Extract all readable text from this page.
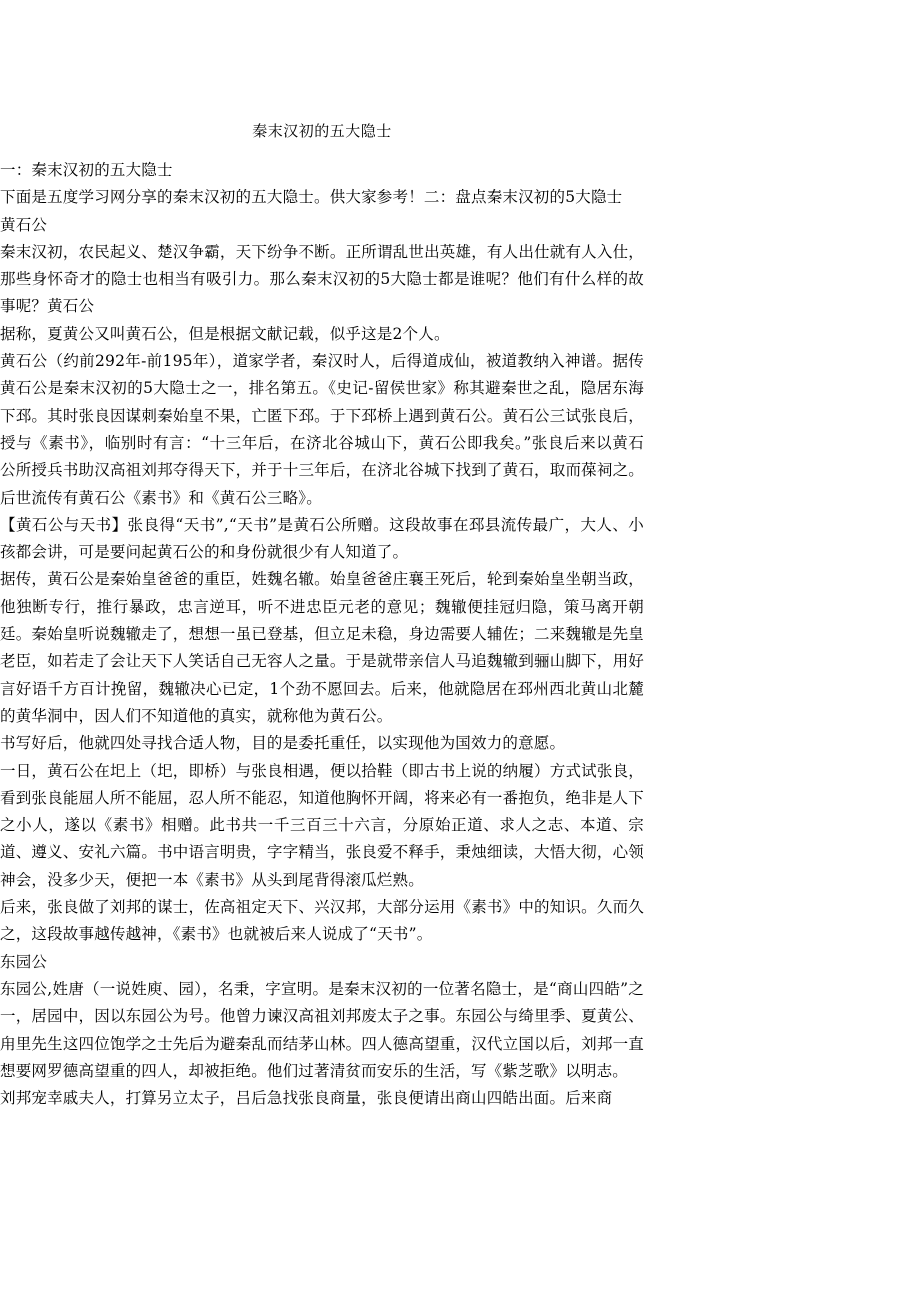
秦末汉初的五大隐士

一：秦末汉初的五大隐士

下面是五度学习网分享的秦末汉初的五大隐士。供大家参考！二：盘点秦末汉初的5大隐士

黄石公

秦末汉初，农民起义、楚汉争霸，天下纷争不断。正所谓乱世出英雄，有人出仕就有人入仕，那些身怀奇才的隐士也相当有吸引力。那么秦末汉初的5大隐士都是谁呢？他们有什么样的故事呢？黄石公

据称，夏黄公又叫黄石公，但是根据文献记载，似乎这是2个人。

黄石公（约前292年-前195年），道家学者，秦汉时人，后得道成仙，被道教纳入神谱。据传黄石公是秦末汉初的5大隐士之一，排名第五。《史记-留侯世家》称其避秦世之乱，隐居东海下邳。其时张良因谋刺秦始皇不果，亡匿下邳。于下邳桥上遇到黄石公。黄石公三试张良后，授与《素书》，临别时有言：“十三年后，在济北谷城山下，黄石公即我矣。”张良后来以黄石公所授兵书助汉高祖刘邦夺得天下，并于十三年后，在济北谷城下找到了黄石，取而葆祠之。后世流传有黄石公《素书》和《黄石公三略》。

【黄石公与天书】张良得“天书”,“天书”是黄石公所赠。这段故事在邳县流传最广，大人、小孩都会讲，可是要问起黄石公的和身份就很少有人知道了。

据传，黄石公是秦始皇爸爸的重臣，姓魏名辙。始皇爸爸庄襄王死后，轮到秦始皇坐朝当政，他独断专行，推行暴政，忠言逆耳，听不进忠臣元老的意见；魏辙便挂冠归隐，策马离开朝廷。秦始皇听说魏辙走了，想想一虽已登基，但立足未稳，身边需要人辅佐；二来魏辙是先皇老臣，如若走了会让天下人笑话自己无容人之量。于是就带亲信人马追魏辙到骊山脚下，用好言好语千方百计挽留，魏辙决心已定，1个劲不愿回去。后来，他就隐居在邳州西北黄山北麓的黄华洞中，因人们不知道他的真实，就称他为黄石公。

书写好后，他就四处寻找合适人物，目的是委托重任，以实现他为国效力的意愿。

一日，黄石公在圯上（圯，即桥）与张良相遇，便以拾鞋（即古书上说的纳履）方式试张良，看到张良能屈人所不能屈，忍人所不能忍，知道他胸怀开阔，将来必有一番抱负，绝非是人下之小人，遂以《素书》相赠。此书共一千三百三十六言，分原始正道、求人之志、本道、宗道、遵义、安礼六篇。书中语言明贵，字字精当，张良爱不释手，秉烛细读，大悟大彻，心领神会，没多少天，便把一本《素书》从头到尾背得滚瓜烂熟。

后来，张良做了刘邦的谋士，佐高祖定天下、兴汉邦，大部分运用《素书》中的知识。久而久之，这段故事越传越神，《素书》也就被后来人说成了“天书”。

东园公

东园公,姓唐（一说姓庾、园），名秉，字宣明。是秦末汉初的一位著名隐士，是“商山四皓”之一，居园中，因以东园公为号。他曾力谏汉高祖刘邦废太子之事。东园公与绮里季、夏黄公、甪里先生这四位饱学之士先后为避秦乱而结茅山林。四人德高望重，汉代立国以后，刘邦一直想要网罗德高望重的四人，却被拒绝。他们过著清贫而安乐的生活，写《紫芝歌》以明志。

刘邦宠幸戚夫人，打算另立太子，吕后急找张良商量，张良便请出商山四皓出面。后来商
